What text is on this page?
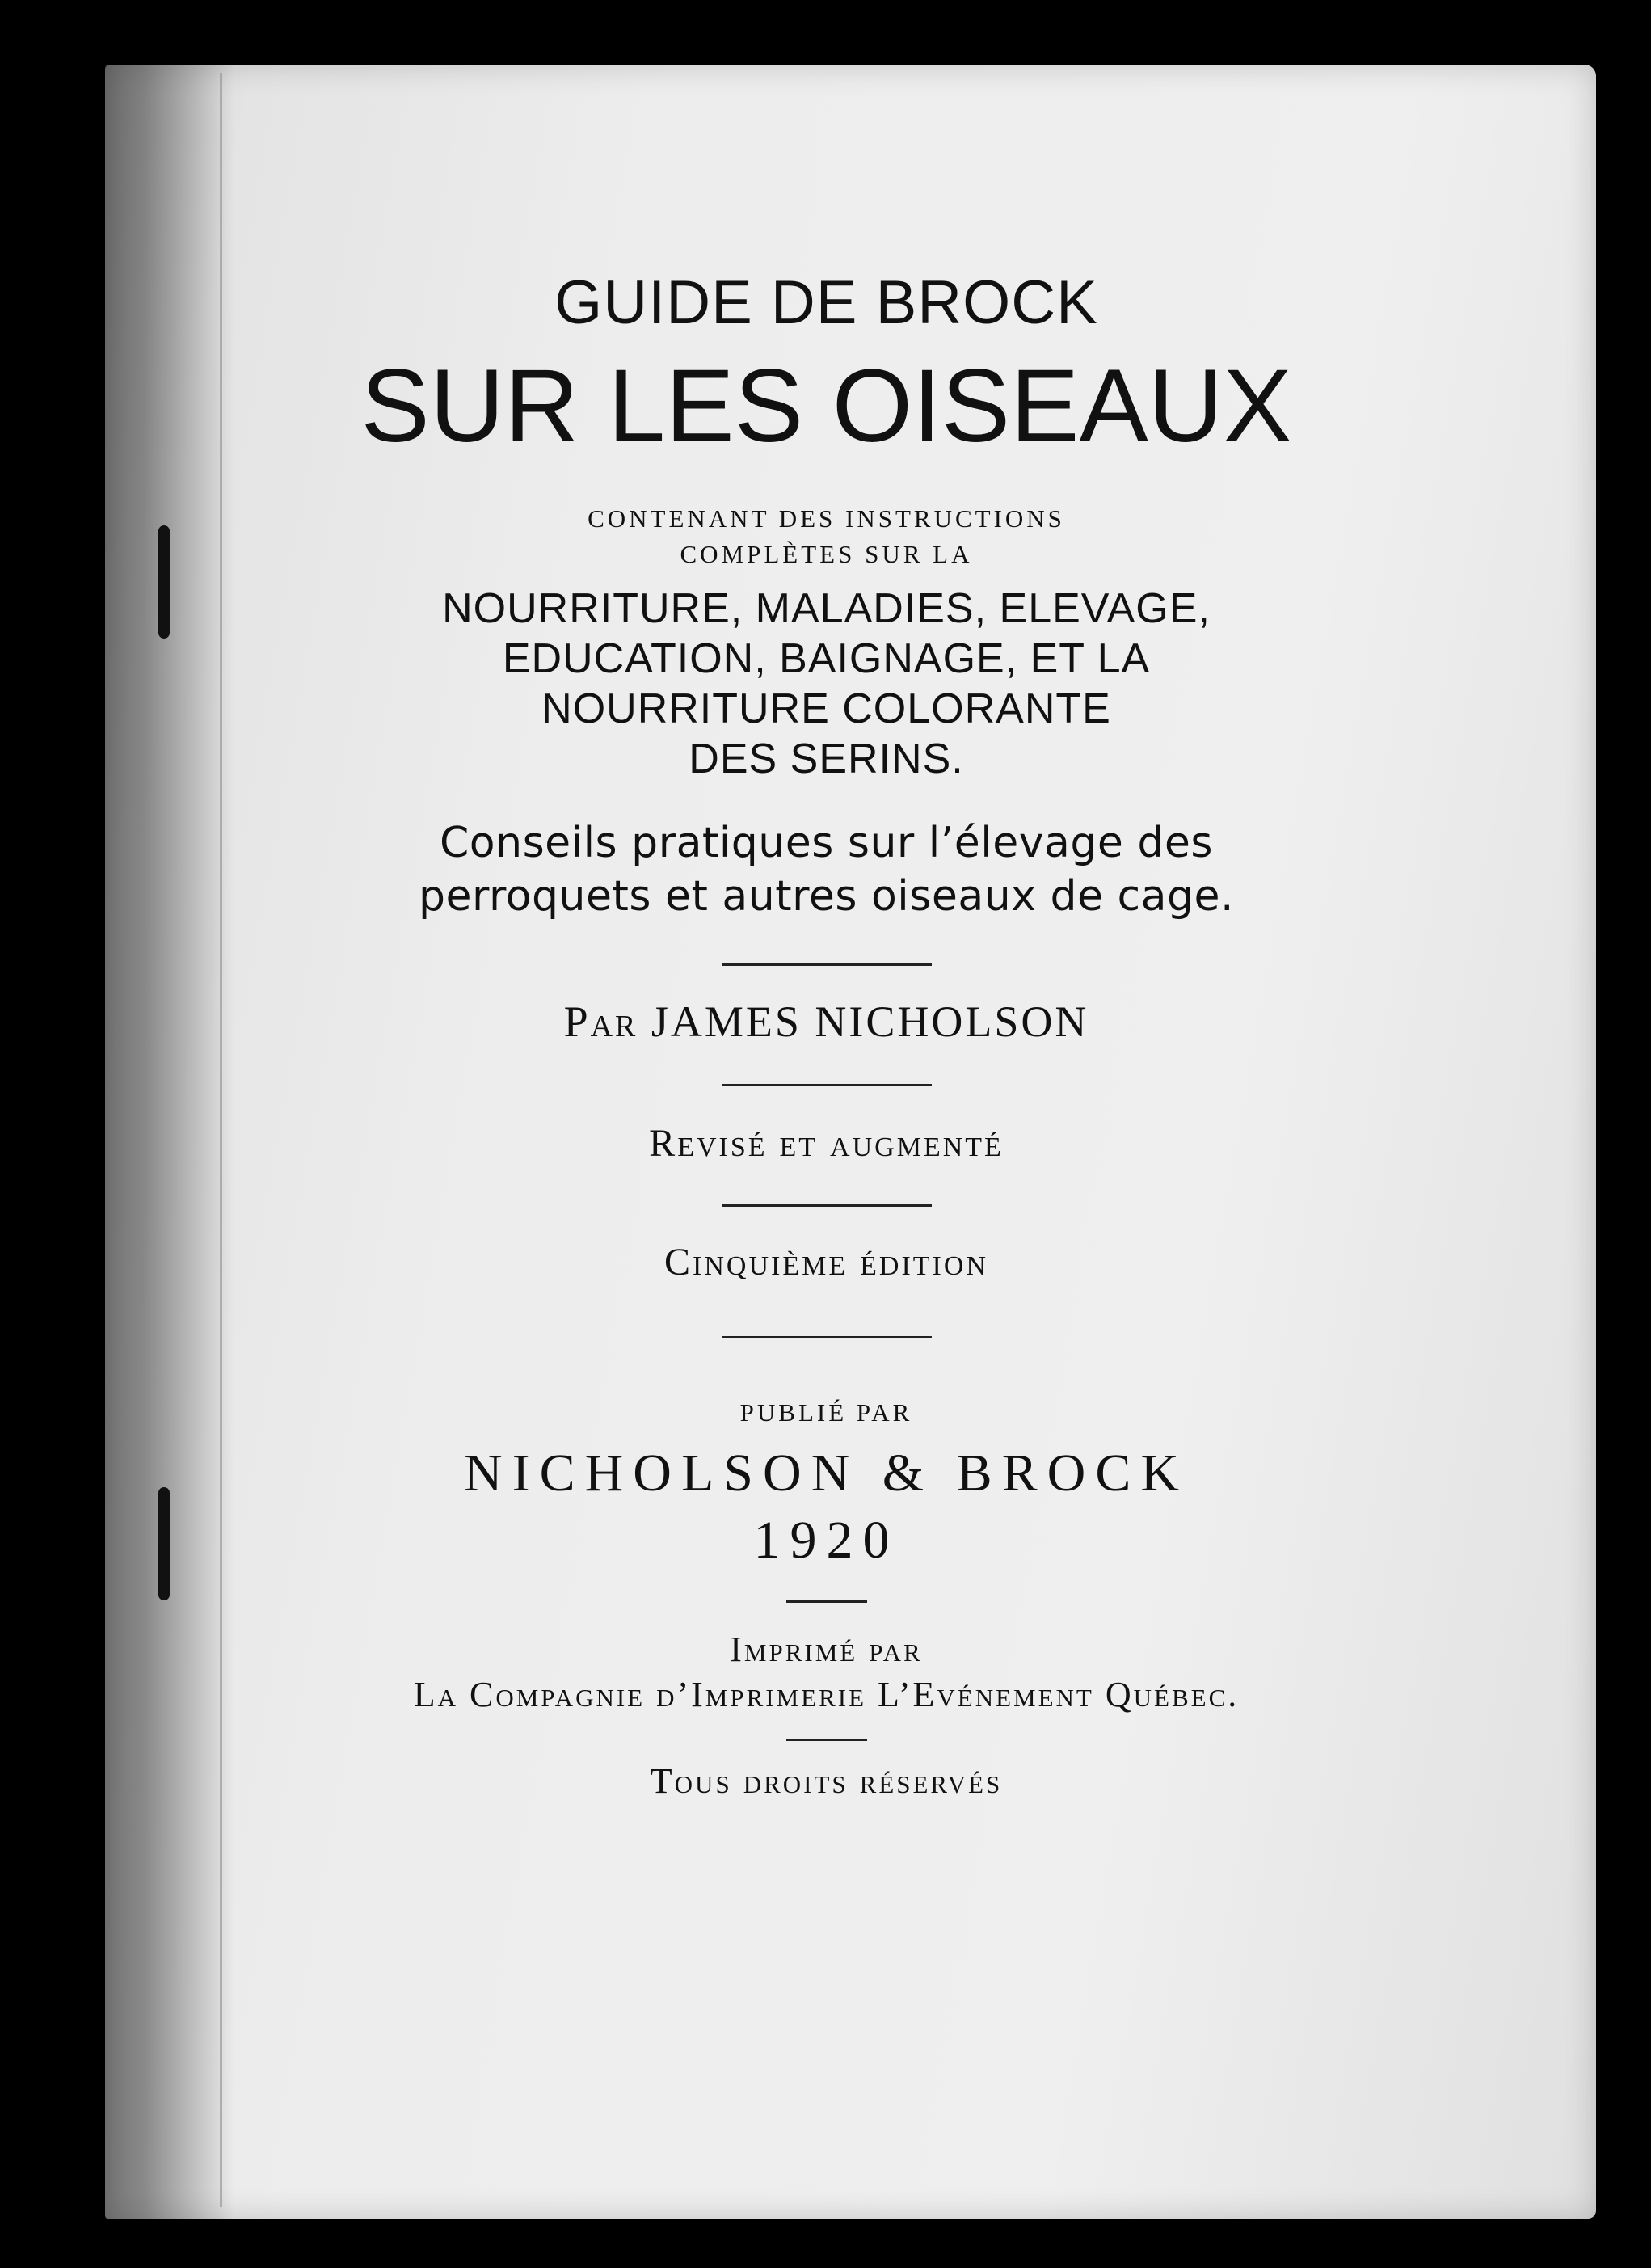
GUIDE DE BROCK
SUR LES OISEAUX
CONTENANT DES INSTRUCTIONS
COMPLÈTES SUR LA
NOURRITURE, MALADIES, ELEVAGE,
EDUCATION, BAIGNAGE, ET LA
NOURRITURE COLORANTE
DES SERINS.
Conseils pratiques sur l’élevage des
perroquets et autres oiseaux de cage.
Par JAMES NICHOLSON
Revisé et augmenté
Cinquième édition
PUBLIÉ PAR
NICHOLSON & BROCK
1920
Imprimé par
La Compagnie d’Imprimerie L’Evénement Québec.
Tous droits réservés
